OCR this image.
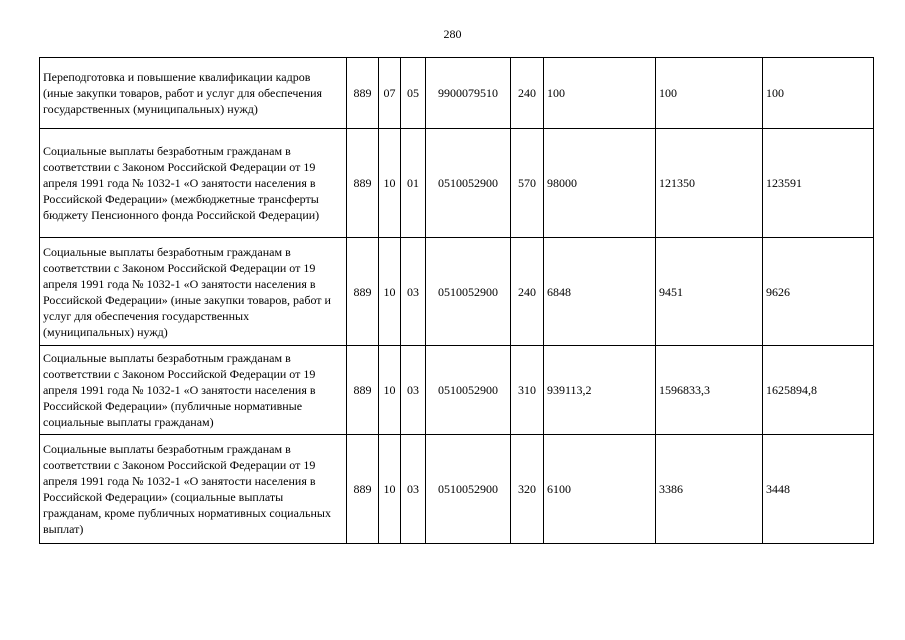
280
Переподготовка и повышение квалификации кадров (иные закупки товаров, работ и услуг для обеспечения государственных (муниципальных) нужд)	889	07	05	9900079510	240	100	100	100
Социальные выплаты безработным гражданам в соответствии с Законом Российской Федерации от 19 апреля 1991 года № 1032-1 «О занятости населения в Российской Федерации» (межбюджетные трансферты бюджету Пенсионного фонда Российской Федерации)	889	10	01	0510052900	570	98000	121350	123591
Социальные выплаты безработным гражданам в соответствии с Законом Российской Федерации от 19 апреля 1991 года № 1032-1 «О занятости населения в Российской Федерации» (иные закупки товаров, работ и услуг для обеспечения государственных (муниципальных) нужд)	889	10	03	0510052900	240	6848	9451	9626
Социальные выплаты безработным гражданам в соответствии с Законом Российской Федерации от 19 апреля 1991 года № 1032-1 «О занятости населения в Российской Федерации» (публичные нормативные социальные выплаты гражданам)	889	10	03	0510052900	310	939113,2	1596833,3	1625894,8
Социальные выплаты безработным гражданам в соответствии с Законом Российской Федерации от 19 апреля 1991 года № 1032-1 «О занятости населения в Российской Федерации» (социальные выплаты гражданам, кроме публичных нормативных социальных выплат)	889	10	03	0510052900	320	6100	3386	3448
